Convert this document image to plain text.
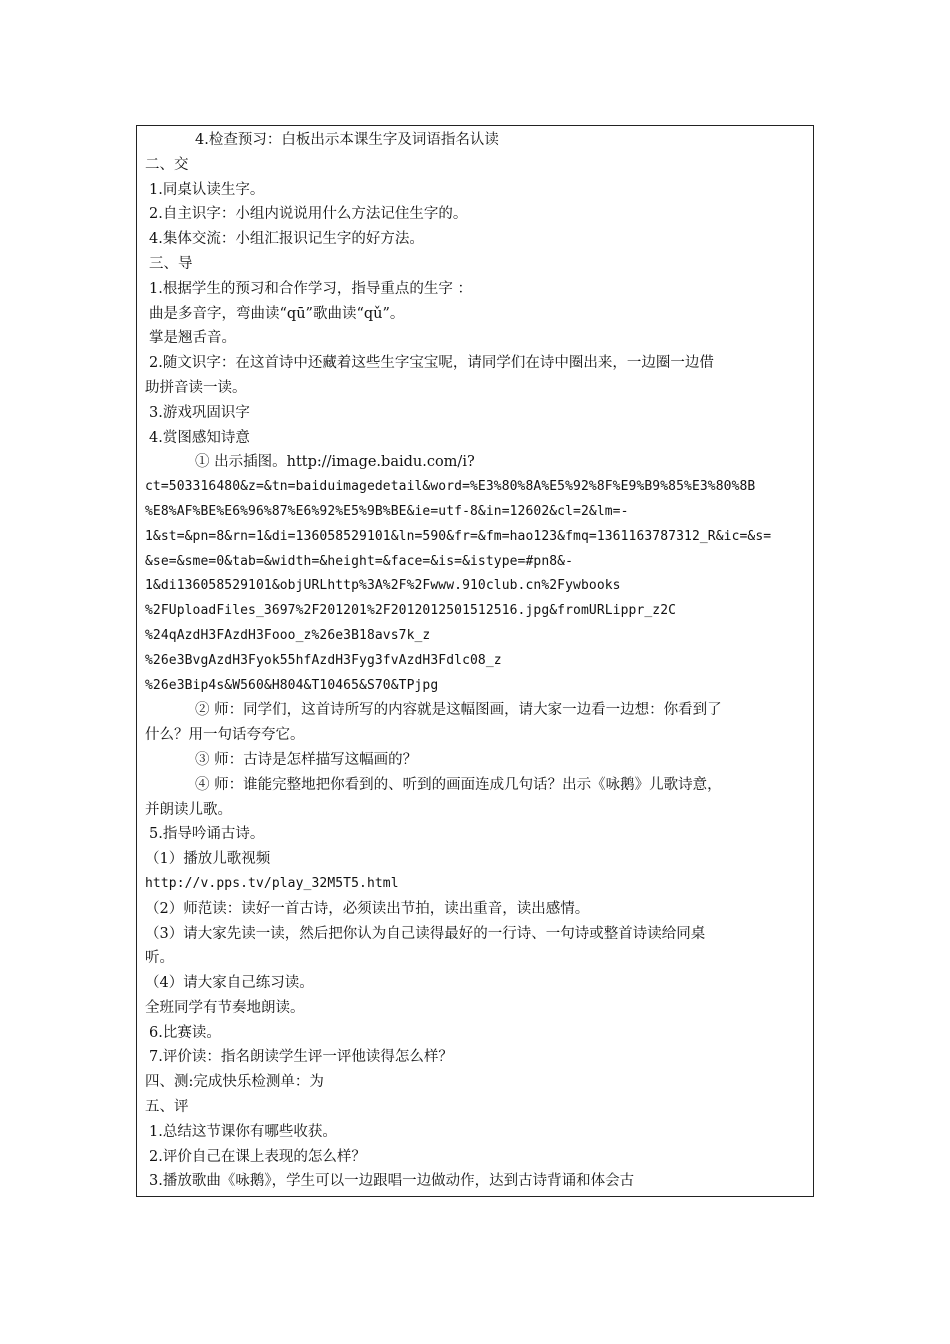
4.检查预习：白板出示本课生字及词语指名认读
二、交
1.同桌认读生字。
2.自主识字：小组内说说用什么方法记住生字的。
4.集体交流：小组汇报识记生字的好方法。
三、导
1.根据学生的预习和合作学习，指导重点的生字 ：
曲是多音字，弯曲读“qū”歌曲读“qǔ”。
掌是翘舌音。
2.随文识字：在这首诗中还藏着这些生字宝宝呢，请同学们在诗中圈出来，一边圈一边借
助拼音读一读。
3.游戏巩固识字
4.赏图感知诗意
① 出示插图。http://image.baidu.com/i?
ct=503316480&z=&tn=baiduimagedetail&word=%E3%80%8A%E5%92%8F%E9%B9%85%E3%80%8B
%E8%AF%BE%E6%96%87%E6%92%E5%9B%BE&ie=utf-8&in=12602&cl=2&lm=-
1&st=&pn=8&rn=1&di=136058529101&ln=590&fr=&fm=hao123&fmq=1361163787312_R&ic=&s=
&se=&sme=0&tab=&width=&height=&face=&is=&istype=#pn8&-
1&di136058529101&objURLhttp%3A%2F%2Fwww.910club.cn%2Fywbooks
%2FUploadFiles_3697%2F201201%2F2012012501512516.jpg&fromURLippr_z2C
%24qAzdH3FAzdH3Fooo_z%26e3B18avs7k_z
%26e3BvgAzdH3Fyok55hfAzdH3Fyg3fvAzdH3Fdlc08_z
%26e3Bip4s&W560&H804&T10465&S70&TPjpg
② 师：同学们，这首诗所写的内容就是这幅图画，请大家一边看一边想：你看到了
什么？用一句话夸夸它。
③ 师：古诗是怎样描写这幅画的？
④ 师：谁能完整地把你看到的、听到的画面连成几句话？出示《咏鹅》儿歌诗意，
并朗读儿歌。
5.指导吟诵古诗。
（1）播放儿歌视频
http://v.pps.tv/play_32M5T5.html
（2）师范读：读好一首古诗，必须读出节拍，读出重音，读出感情。
（3）请大家先读一读，然后把你认为自己读得最好的一行诗、一句诗或整首诗读给同桌
听。
（4）请大家自己练习读。
全班同学有节奏地朗读。
6.比赛读。
7.评价读：指名朗读学生评一评他读得怎么样？
四、测:完成快乐检测单：为
五、评
1.总结这节课你有哪些收获。
2.评价自己在课上表现的怎么样？
3.播放歌曲《咏鹅》，学生可以一边跟唱一边做动作，达到古诗背诵和体会古
